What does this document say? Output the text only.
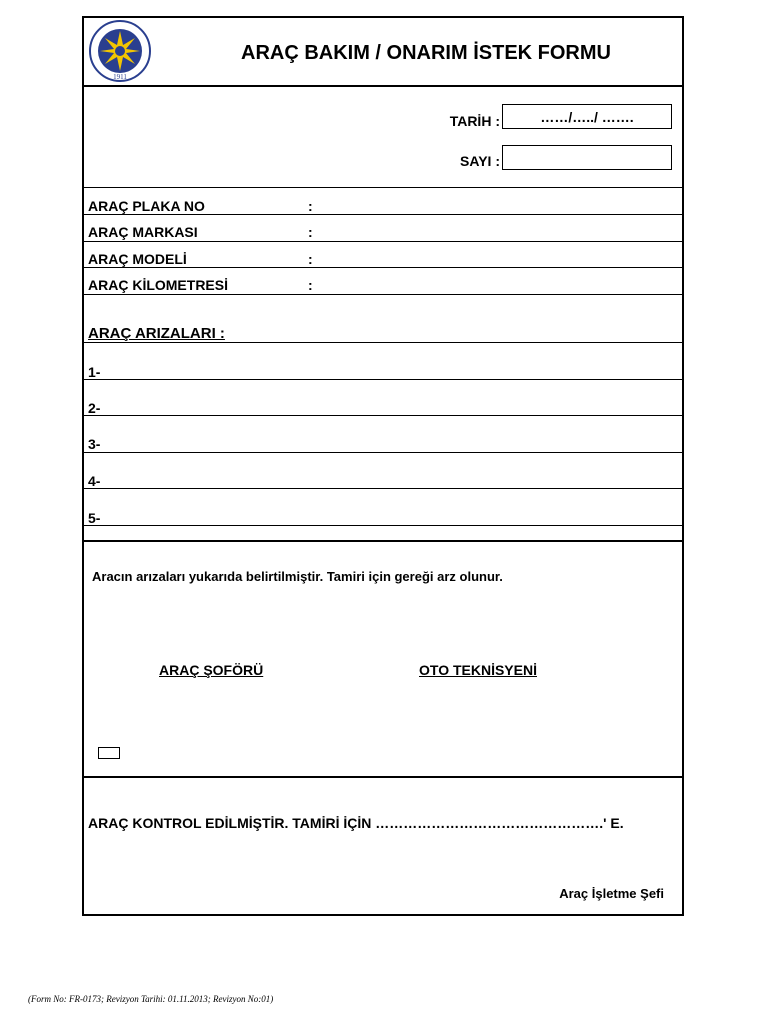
1911
ARAÇ BAKIM / ONARIM İSTEK FORMU
TARİH :	……/…../ …….
SAYI :
ARAÇ PLAKA NO	:
ARAÇ MARKASI	:
ARAÇ MODELİ	:
ARAÇ KİLOMETRESİ	:
ARAÇ ARIZALARI :
1-
2-
3-
4-
5-
Aracın arızaları yukarıda belirtilmiştir. Tamiri için gereği arz olunur.
ARAÇ ŞOFÖRÜ	OTO TEKNİSYENİ
ARAÇ KONTROL EDİLMİŞTİR. TAMİRİ İÇİN ………………………………………….' E.
Araç İşletme Şefi
(Form No: FR-0173; Revizyon Tarihi: 01.11.2013; Revizyon No:01)
